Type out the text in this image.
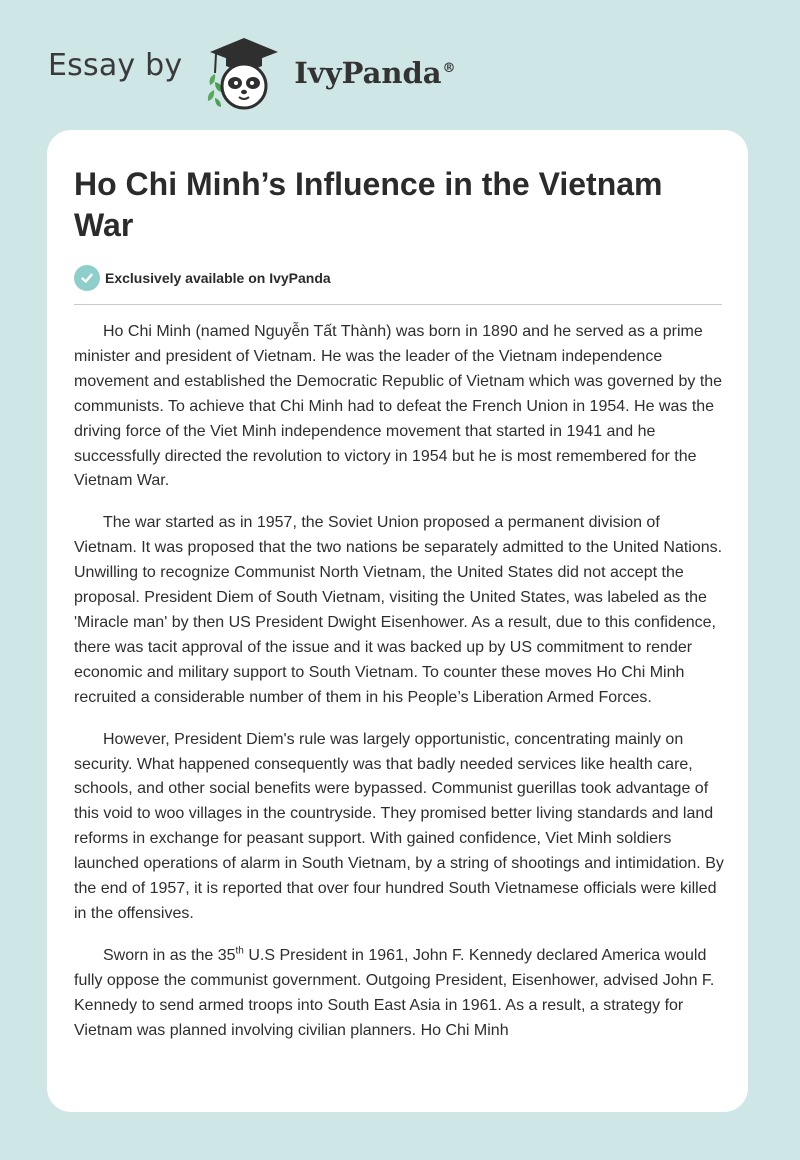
Essay by	IvyPanda®
Ho Chi Minh’s Influence in the Vietnam War
Exclusively available on IvyPanda

Ho Chi Minh (named Nguyễn Tất Thành) was born in 1890 and he served as a prime minister and president of Vietnam. He was the leader of the Vietnam independence movement and established the Democratic Republic of Vietnam which was governed by the communists. To achieve that Chi Minh had to defeat the French Union in 1954. He was the driving force of the Viet Minh independence movement that started in 1941 and he successfully directed the revolution to victory in 1954 but he is most remembered for the Vietnam War.

The war started as in 1957, the Soviet Union proposed a permanent division of Vietnam. It was proposed that the two nations be separately admitted to the United Nations. Unwilling to recognize Communist North Vietnam, the United States did not accept the proposal. President Diem of South Vietnam, visiting the United States, was labeled as the 'Miracle man' by then US President Dwight Eisenhower. As a result, due to this confidence, there was tacit approval of the issue and it was backed up by US commitment to render economic and military support to South Vietnam. To counter these moves Ho Chi Minh recruited a considerable number of them in his People’s Liberation Armed Forces.

However, President Diem's rule was largely opportunistic, concentrating mainly on security. What happened consequently was that badly needed services like health care, schools, and other social benefits were bypassed. Communist guerillas took advantage of this void to woo villages in the countryside. They promised better living standards and land reforms in exchange for peasant support. With gained confidence, Viet Minh soldiers launched operations of alarm in South Vietnam, by a string of shootings and intimidation. By the end of 1957, it is reported that over four hundred South Vietnamese officials were killed in the offensives.

Sworn in as the 35th U.S President in 1961, John F. Kennedy declared America would fully oppose the communist government. Outgoing President, Eisenhower, advised John F. Kennedy to send armed troops into South East Asia in 1961. As a result, a strategy for Vietnam was planned involving civilian planners. Ho Chi Minh
